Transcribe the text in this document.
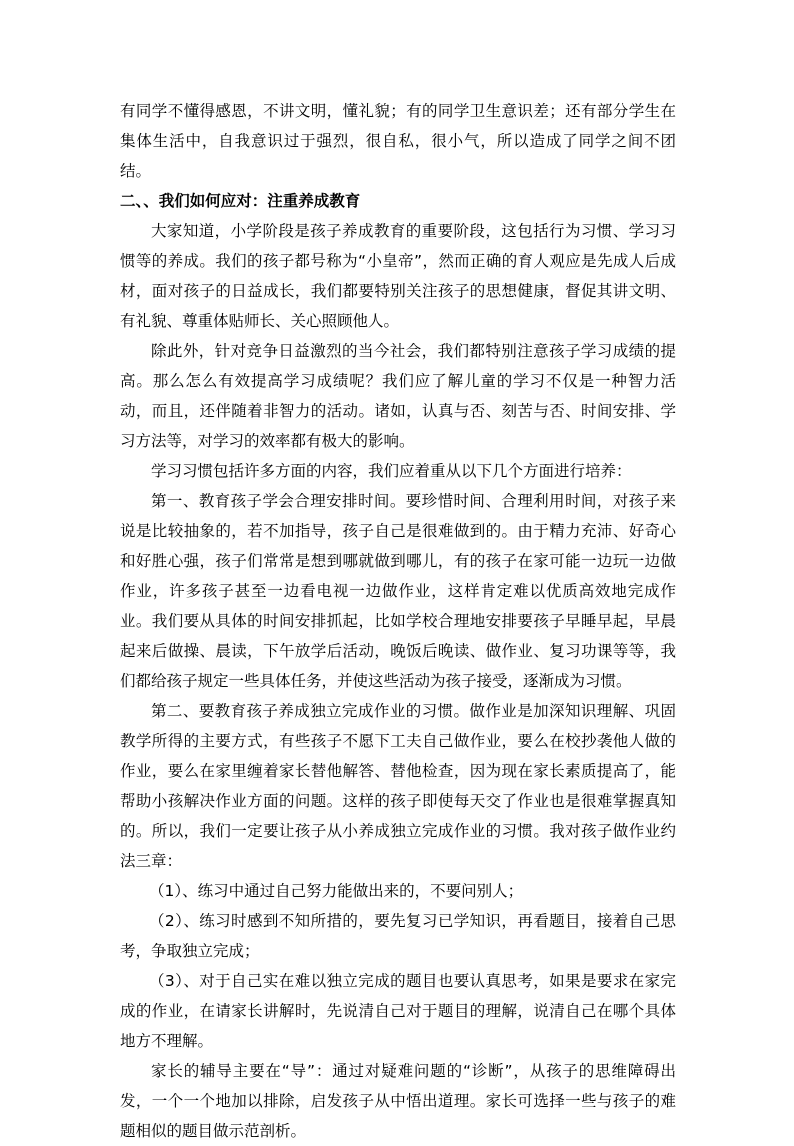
有同学不懂得感恩，不讲文明，懂礼貌；有的同学卫生意识差；还有部分学生在集体生活中，自我意识过于强烈，很自私，很小气，所以造成了同学之间不团结。

二、、我们如何应对：注重养成教育

大家知道，小学阶段是孩子养成教育的重要阶段，这包括行为习惯、学习习惯等的养成。我们的孩子都号称为“小皇帝”，然而正确的育人观应是先成人后成材，面对孩子的日益成长，我们都要特别关注孩子的思想健康，督促其讲文明、有礼貌、尊重体贴师长、关心照顾他人。

除此外，针对竞争日益激烈的当今社会，我们都特别注意孩子学习成绩的提高。那么怎么有效提高学习成绩呢？我们应了解儿童的学习不仅是一种智力活动，而且，还伴随着非智力的活动。诸如，认真与否、刻苦与否、时间安排、学习方法等，对学习的效率都有极大的影响。

学习习惯包括许多方面的内容，我们应着重从以下几个方面进行培养：

第一、教育孩子学会合理安排时间。要珍惜时间、合理利用时间，对孩子来说是比较抽象的，若不加指导，孩子自己是很难做到的。由于精力充沛、好奇心和好胜心强，孩子们常常是想到哪就做到哪儿，有的孩子在家可能一边玩一边做作业，许多孩子甚至一边看电视一边做作业，这样肯定难以优质高效地完成作业。我们要从具体的时间安排抓起，比如学校合理地安排要孩子早睡早起，早晨起来后做操、晨读，下午放学后活动，晚饭后晚读、做作业、复习功课等等，我们都给孩子规定一些具体任务，并使这些活动为孩子接受，逐渐成为习惯。

第二、要教育孩子养成独立完成作业的习惯。做作业是加深知识理解、巩固教学所得的主要方式，有些孩子不愿下工夫自己做作业，要么在校抄袭他人做的作业，要么在家里缠着家长替他解答、替他检查，因为现在家长素质提高了，能帮助小孩解决作业方面的问题。这样的孩子即使每天交了作业也是很难掌握真知的。所以，我们一定要让孩子从小养成独立完成作业的习惯。我对孩子做作业约法三章：

（1）、练习中通过自己努力能做出来的，不要问别人；

（2）、练习时感到不知所措的，要先复习已学知识，再看题目，接着自己思考，争取独立完成；

（3）、对于自己实在难以独立完成的题目也要认真思考，如果是要求在家完成的作业，在请家长讲解时，先说清自己对于题目的理解，说清自己在哪个具体地方不理解。

家长的辅导主要在“导”：通过对疑难问题的“诊断”，从孩子的思维障碍出发，一个一个地加以排除，启发孩子从中悟出道理。家长可选择一些与孩子的难题相似的题目做示范剖析。
